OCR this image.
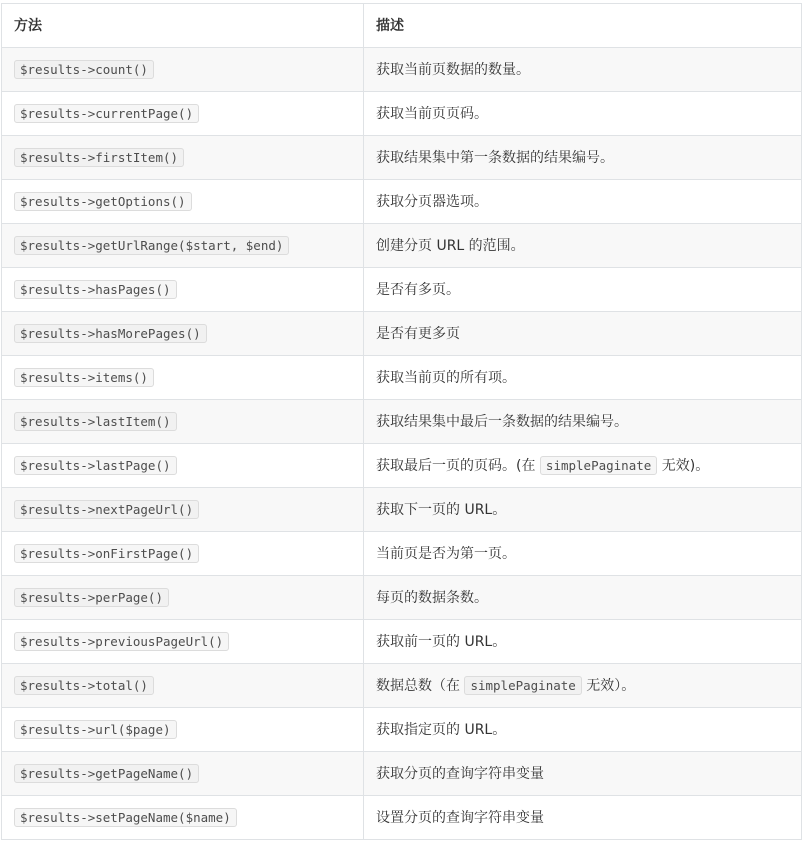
方法	描述
$results->count()	获取当前页数据的数量。
$results->currentPage()	获取当前页页码。
$results->firstItem()	获取结果集中第一条数据的结果编号。
$results->getOptions()	获取分页器选项。
$results->getUrlRange($start, $end)	创建分页 URL 的范围。
$results->hasPages()	是否有多页。
$results->hasMorePages()	是否有更多页
$results->items()	获取当前页的所有项。
$results->lastItem()	获取结果集中最后一条数据的结果编号。
$results->lastPage()	获取最后一页的页码。(在 simplePaginate 无效)。
$results->nextPageUrl()	获取下一页的 URL。
$results->onFirstPage()	当前页是否为第一页。
$results->perPage()	每页的数据条数。
$results->previousPageUrl()	获取前一页的 URL。
$results->total()	数据总数（在 simplePaginate 无效）。
$results->url($page)	获取指定页的 URL。
$results->getPageName()	获取分页的查询字符串变量
$results->setPageName($name)	设置分页的查询字符串变量
